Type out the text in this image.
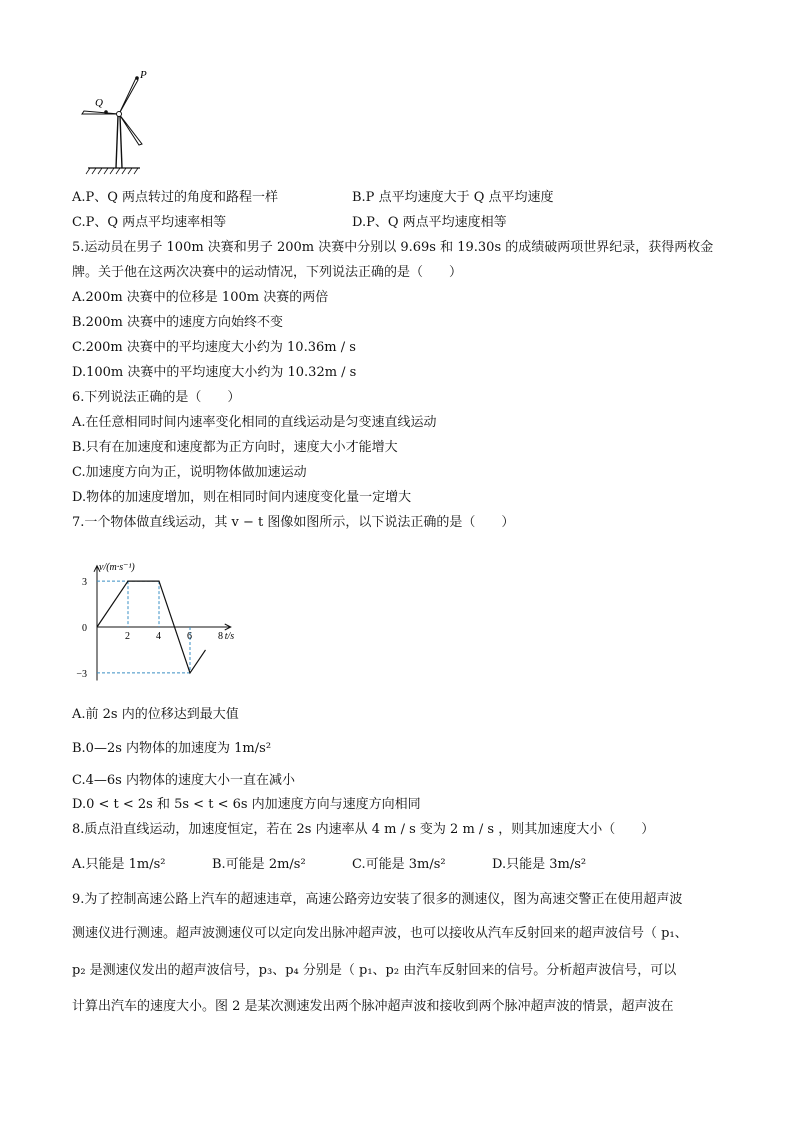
P
Q
A.P、Q 两点转过的角度和路程一样	B.P 点平均速度大于 Q 点平均速度
C.P、Q 两点平均速率相等	D.P、Q 两点平均速度相等
5.运动员在男子 100m 决赛和男子 200m 决赛中分别以 9.69s 和 19.30s 的成绩破两项世界纪录，获得两枚金
牌。关于他在这两次决赛中的运动情况，下列说法正确的是（　　）
A.200m 决赛中的位移是 100m 决赛的两倍
B.200m 决赛中的速度方向始终不变
C.200m 决赛中的平均速度大小约为 10.36m / s
D.100m 决赛中的平均速度大小约为 10.32m / s
6.下列说法正确的是（　　）
A.在任意相同时间内速率变化相同的直线运动是匀变速直线运动
B.只有在加速度和速度都为正方向时，速度大小才能增大
C.加速度方向为正，说明物体做加速运动
D.物体的加速度增加，则在相同时间内速度变化量一定增大
7.一个物体做直线运动，其 v − t 图像如图所示，以下说法正确的是（　　）
v/(m·s⁻¹)
t/s
2	4	6	8
3
0
−3
A.前 2s 内的位移达到最大值
B.0—2s 内物体的加速度为 1m/s²
C.4—6s 内物体的速度大小一直在减小
D.0 < t < 2s 和 5s < t < 6s 内加速度方向与速度方向相同
8.质点沿直线运动，加速度恒定，若在 2s 内速率从 4 m / s 变为 2 m / s ，则其加速度大小（　　）
A.只能是 1m/s²	B.可能是 2m/s²	C.可能是 3m/s²	D.只能是 3m/s²
9.为了控制高速公路上汽车的超速违章，高速公路旁边安装了很多的测速仪，图为高速交警正在使用超声波
测速仪进行测速。超声波测速仪可以定向发出脉冲超声波，也可以接收从汽车反射回来的超声波信号（ p₁、
p₂ 是测速仪发出的超声波信号，p₃、p₄ 分别是（ p₁、p₂ 由汽车反射回来的信号。分析超声波信号，可以
计算出汽车的速度大小。图 2 是某次测速发出两个脉冲超声波和接收到两个脉冲超声波的情景，超声波在
